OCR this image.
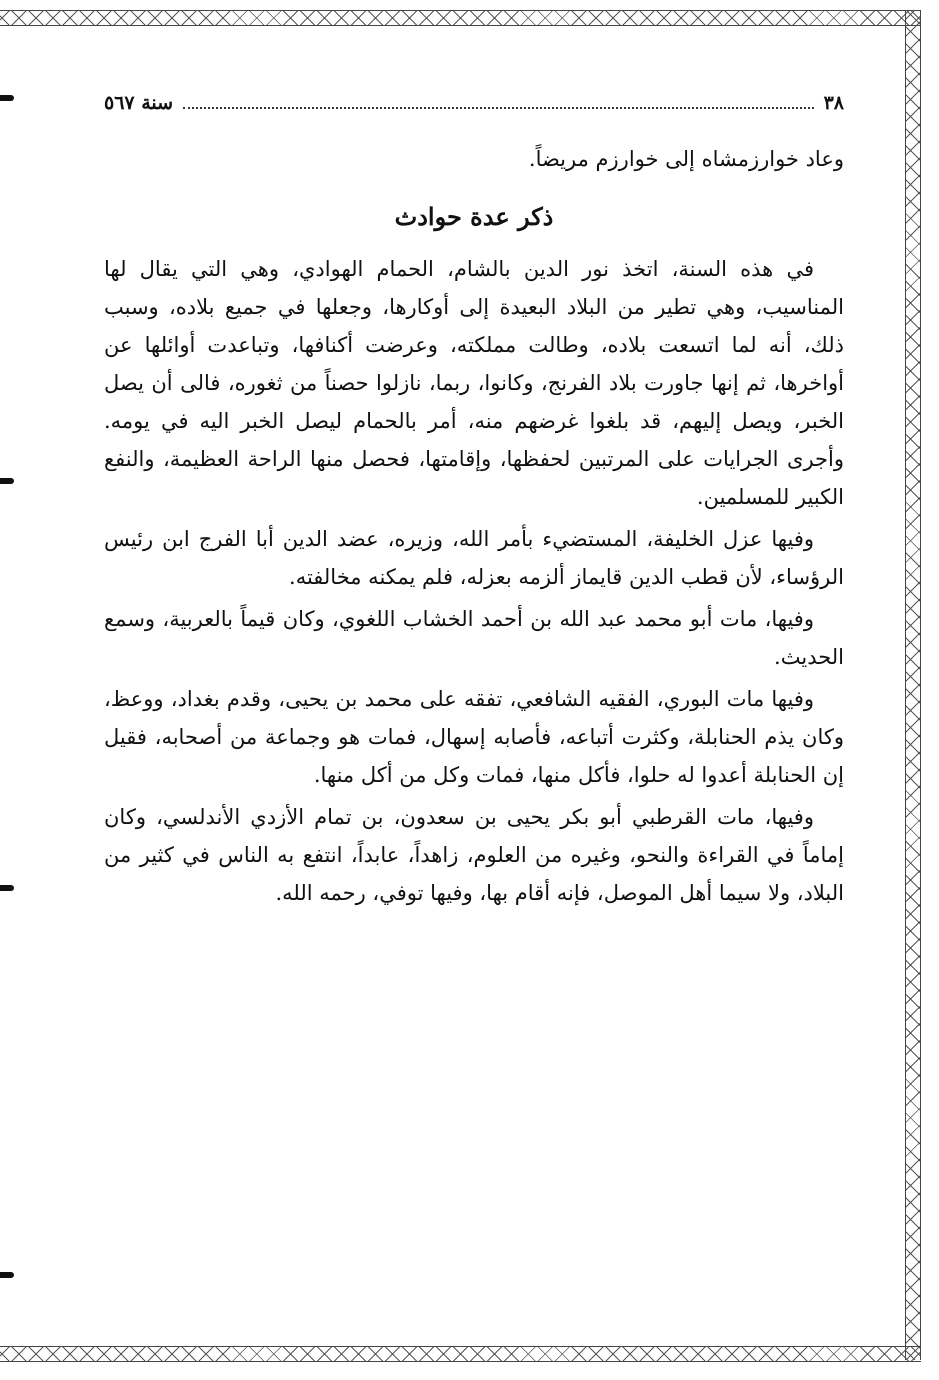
٣٨
سنة ٥٦٧

وعاد خوارزمشاه إلى خوارزم مريضاً.

ذكر عدة حوادث

في هذه السنة، اتخذ نور الدين بالشام، الحمام الهوادي، وهي التي يقال لها المناسيب، وهي تطير من البلاد البعيدة إلى أوكارها، وجعلها في جميع بلاده، وسبب ذلك، أنه لما اتسعت بلاده، وطالت مملكته، وعرضت أكنافها، وتباعدت أوائلها عن أواخرها، ثم إنها جاورت بلاد الفرنج، وكانوا، ربما، نازلوا حصناً من ثغوره، فالى أن يصل الخبر، ويصل إليهم، قد بلغوا غرضهم منه، أمر بالحمام ليصل الخبر اليه في يومه. وأجرى الجرايات على المرتبين لحفظها، وإقامتها، فحصل منها الراحة العظيمة، والنفع الكبير للمسلمين.

وفيها عزل الخليفة، المستضيء بأمر الله، وزيره، عضد الدين أبا الفرج ابن رئيس الرؤساء، لأن قطب الدين قايماز ألزمه بعزله، فلم يمكنه مخالفته.

وفيها، مات أبو محمد عبد الله بن أحمد الخشاب اللغوي، وكان قيماً بالعربية، وسمع الحديث.

وفيها مات البوري، الفقيه الشافعي، تفقه على محمد بن يحيى، وقدم بغداد، ووعظ، وكان يذم الحنابلة، وكثرت أتباعه، فأصابه إسهال، فمات هو وجماعة من أصحابه، فقيل إن الحنابلة أعدوا له حلوا، فأكل منها، فمات وكل من أكل منها.

وفيها، مات القرطبي أبو بكر يحيى بن سعدون، بن تمام الأزدي الأندلسي، وكان إماماً في القراءة والنحو، وغيره من العلوم، زاهداً، عابداً، انتفع به الناس في كثير من البلاد، ولا سيما أهل الموصل، فإنه أقام بها، وفيها توفي، رحمه الله.
